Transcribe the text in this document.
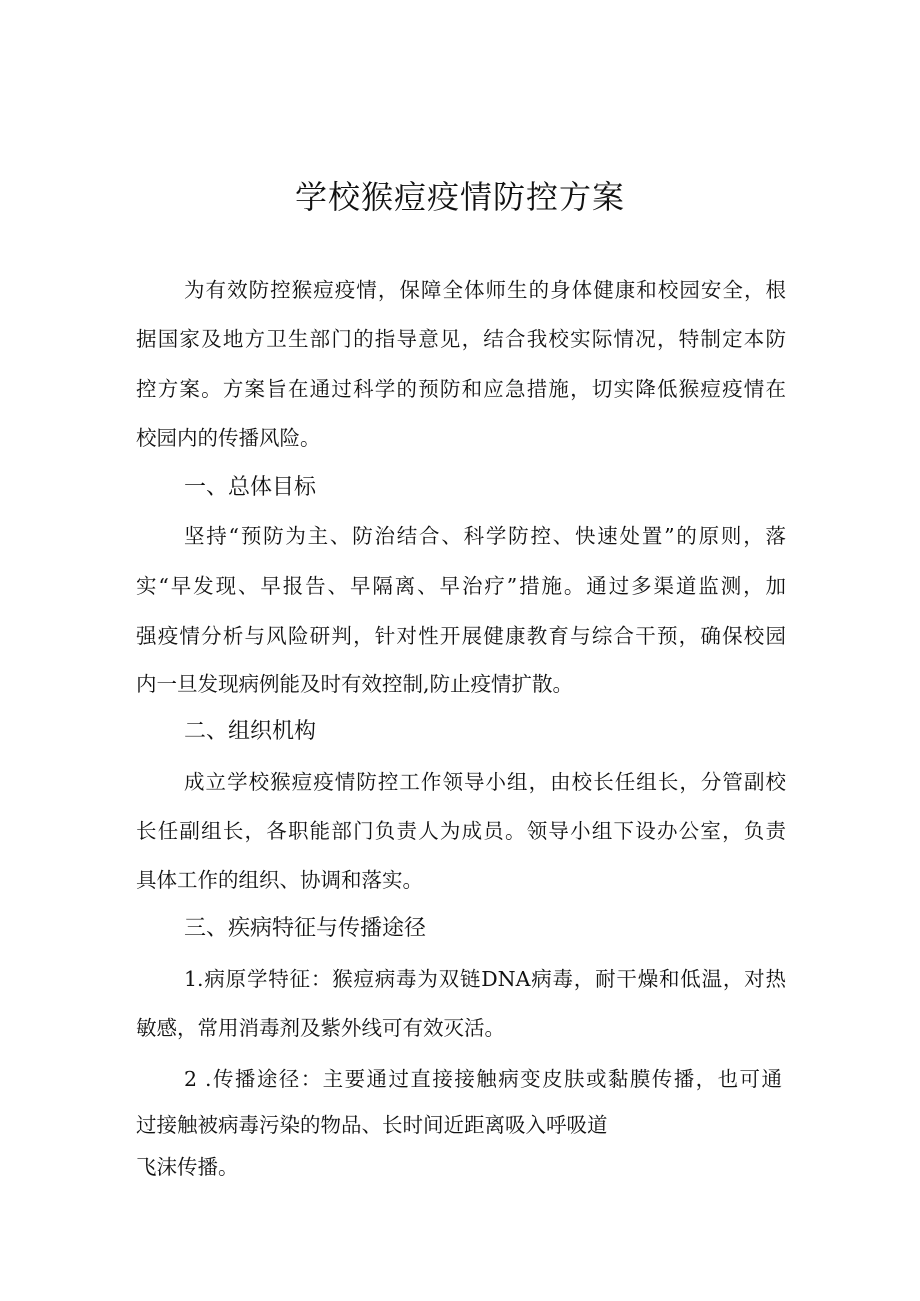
学校猴痘疫情防控方案
为有效防控猴痘疫情，保障全体师生的身体健康和校园安全，根
据国家及地方卫生部门的指导意见，结合我校实际情况，特制定本防
控方案。方案旨在通过科学的预防和应急措施，切实降低猴痘疫情在
校园内的传播风险。
一、总体目标
坚持“预防为主、防治结合、科学防控、快速处置”的原则，落
实“早发现、早报告、早隔离、早治疗”措施。通过多渠道监测，加
强疫情分析与风险研判，针对性开展健康教育与综合干预，确保校园
内一旦发现病例能及时有效控制,防止疫情扩散。
二、组织机构
成立学校猴痘疫情防控工作领导小组，由校长任组长，分管副校
长任副组长，各职能部门负责人为成员。领导小组下设办公室，负责
具体工作的组织、协调和落实。
三、疾病特征与传播途径
1.病原学特征：猴痘病毒为双链DNA病毒，耐干燥和低温，对热
敏感，常用消毒剂及紫外线可有效灭活。
2 .传播途径：主要通过直接接触病变皮肤或黏膜传播，也可通
过接触被病毒污染的物品、长时间近距离吸入呼吸道
飞沫传播。
